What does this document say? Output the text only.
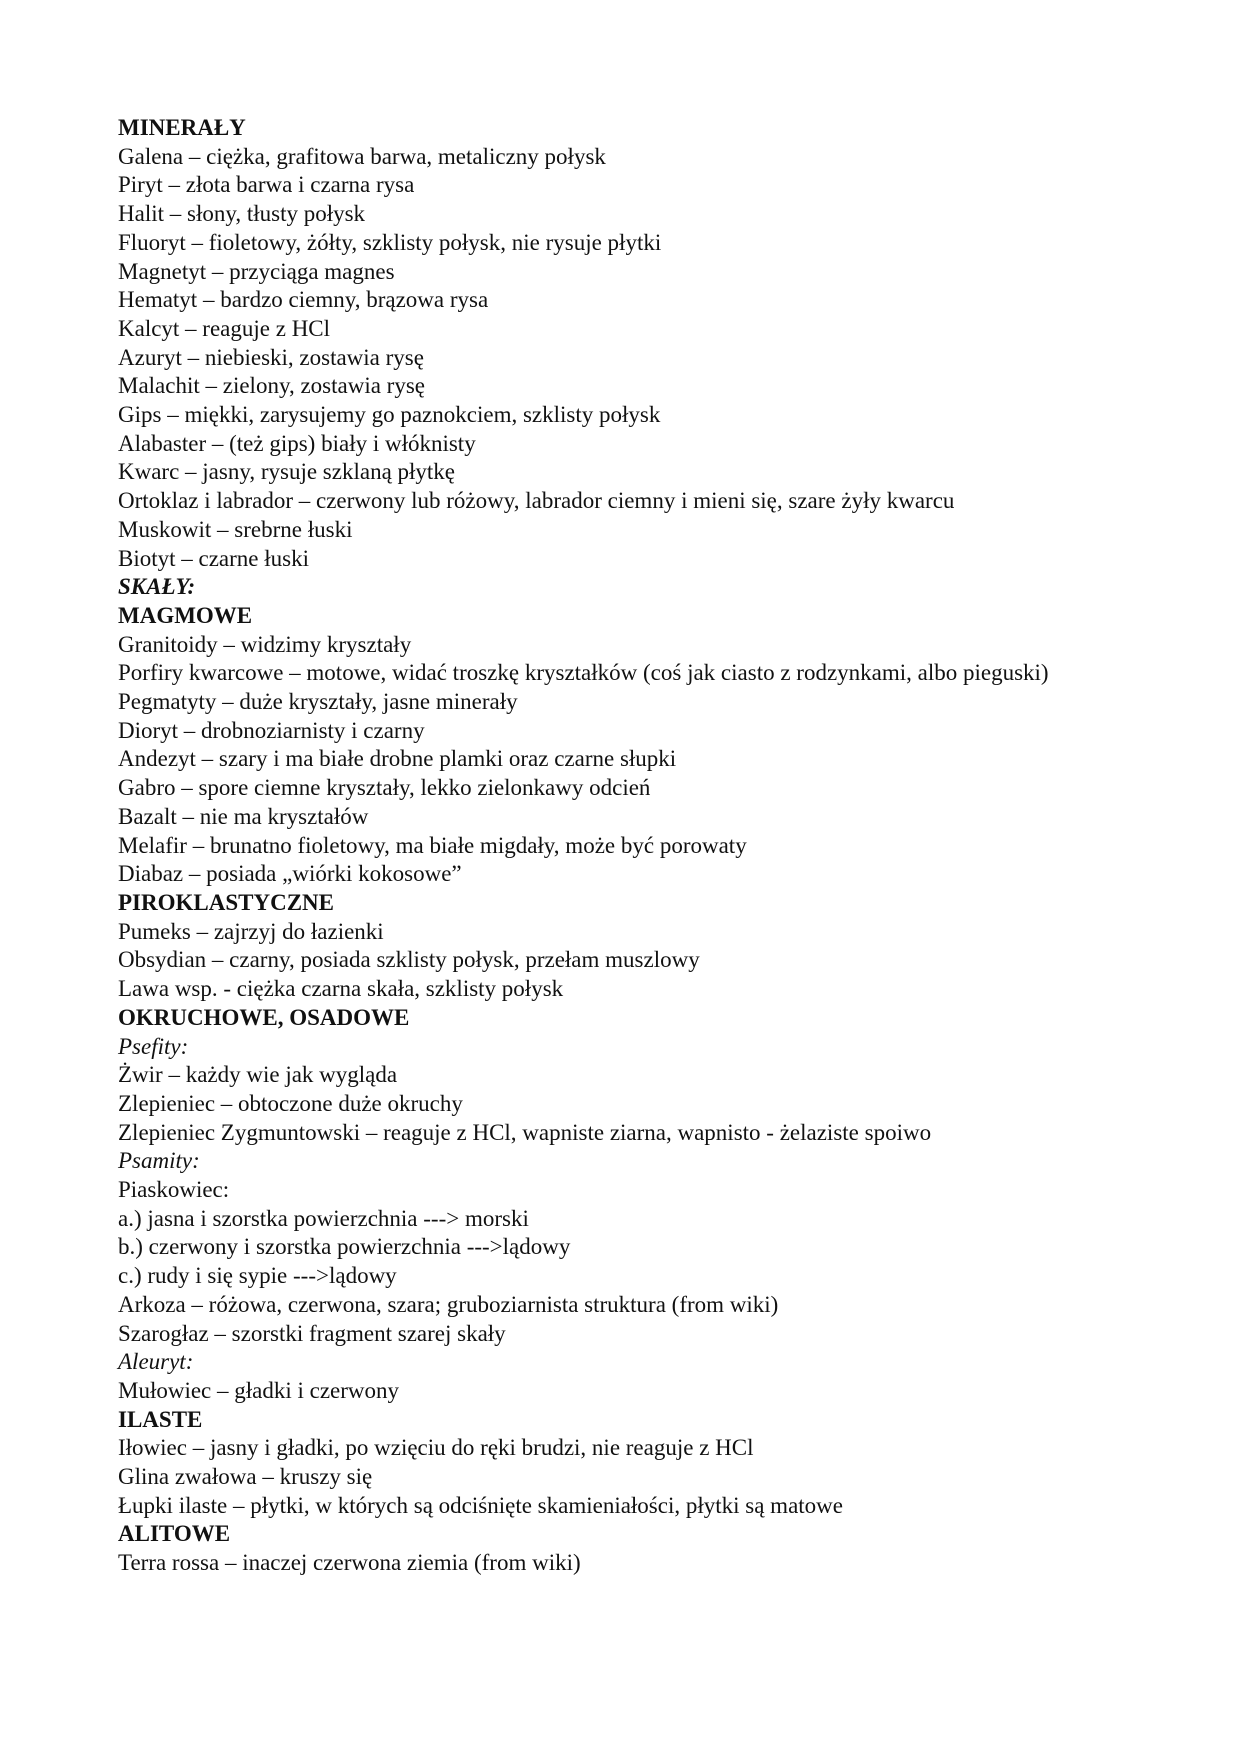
MINERAŁY

Galena – ciężka, grafitowa barwa, metaliczny połysk

Piryt – złota barwa i czarna rysa

Halit – słony, tłusty połysk

Fluoryt – fioletowy, żółty, szklisty połysk, nie rysuje płytki

Magnetyt – przyciąga magnes

Hematyt – bardzo ciemny, brązowa rysa

Kalcyt – reaguje z HCl

Azuryt – niebieski, zostawia rysę

Malachit – zielony, zostawia rysę

Gips – miękki, zarysujemy go paznokciem, szklisty połysk

Alabaster – (też gips) biały i włóknisty

Kwarc – jasny, rysuje szklaną płytkę

Ortoklaz i labrador – czerwony lub różowy, labrador ciemny i mieni się, szare żyły kwarcu

Muskowit – srebrne łuski

Biotyt – czarne łuski

SKAŁY:

MAGMOWE

Granitoidy – widzimy kryształy

Porfiry kwarcowe – motowe, widać troszkę kryształków (coś jak ciasto z rodzynkami, albo pieguski)

Pegmatyty – duże kryształy, jasne minerały

Dioryt – drobnoziarnisty i czarny

Andezyt – szary i ma białe drobne plamki oraz czarne słupki

Gabro – spore ciemne kryształy, lekko zielonkawy odcień

Bazalt – nie ma kryształów

Melafir – brunatno fioletowy, ma białe migdały, może być porowaty

Diabaz – posiada „wiórki kokosowe”

PIROKLASTYCZNE

Pumeks – zajrzyj do łazienki

Obsydian – czarny, posiada szklisty połysk, przełam muszlowy

Lawa wsp. - ciężka czarna skała, szklisty połysk

OKRUCHOWE, OSADOWE

Psefity:

Żwir – każdy wie jak wygląda

Zlepieniec – obtoczone duże okruchy

Zlepieniec Zygmuntowski – reaguje z HCl, wapniste ziarna, wapnisto - żelaziste spoiwo

Psamity:

Piaskowiec:

a.) jasna i szorstka powierzchnia ---> morski

b.) czerwony i szorstka powierzchnia --->lądowy

c.) rudy i się sypie --->lądowy

Arkoza – różowa, czerwona, szara; gruboziarnista struktura (from wiki)

Szarogłaz – szorstki fragment szarej skały

Aleuryt:

Mułowiec – gładki i czerwony

ILASTE

Iłowiec – jasny i gładki, po wzięciu do ręki brudzi, nie reaguje z HCl

Glina zwałowa – kruszy się

Łupki ilaste – płytki, w których są odciśnięte skamieniałości, płytki są matowe

ALITOWE

Terra rossa – inaczej czerwona ziemia (from wiki)
